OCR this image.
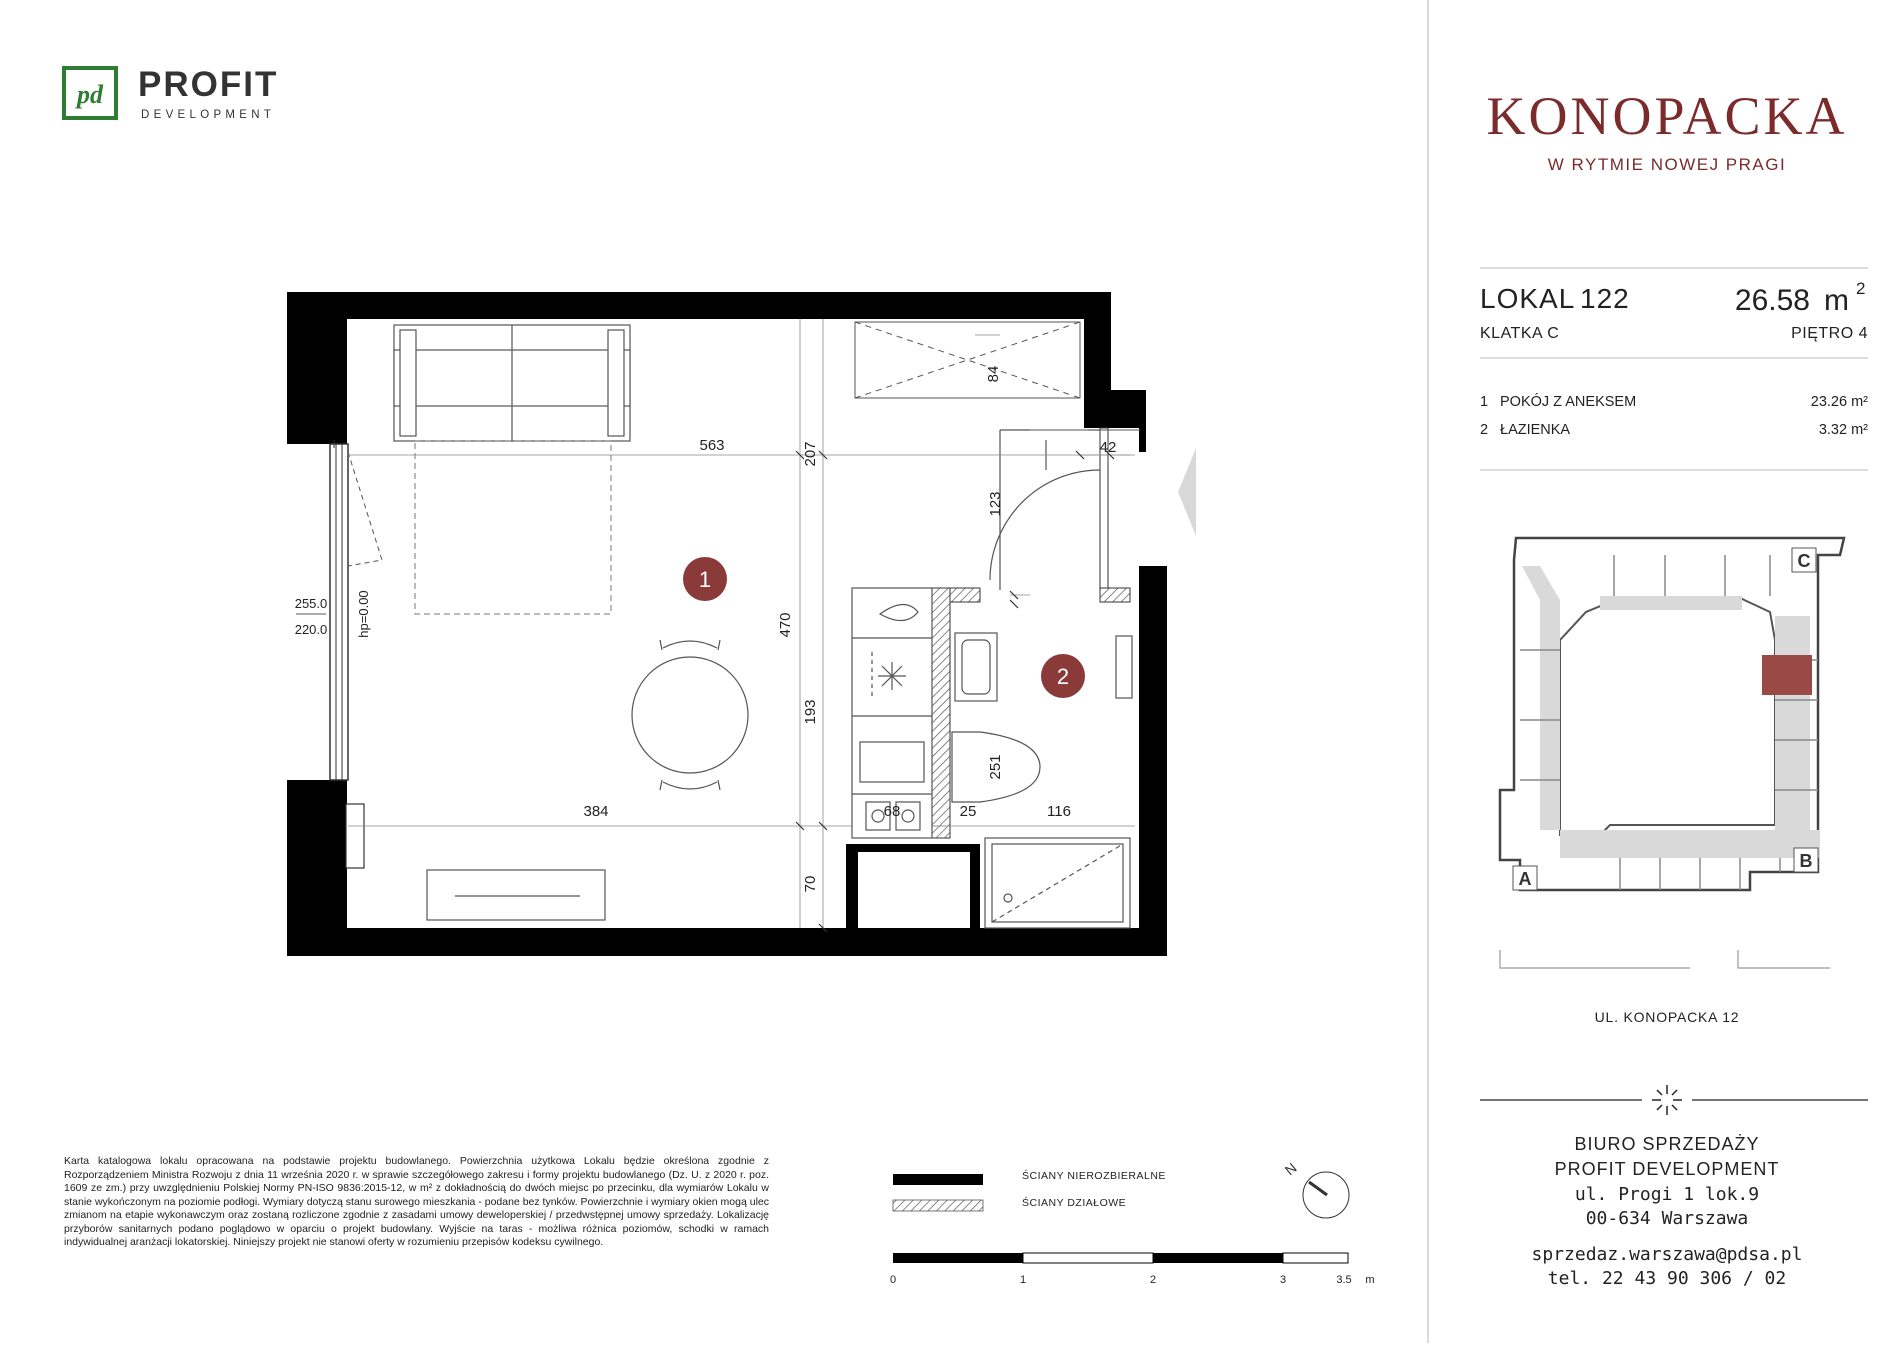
pd PROFIT
DEVELOPMENT	KONOPACKA
W RYTMIE NOWEJ PRAGI
LOKAL 122	26.58 m 2
KLATKA C	PIĘTRO 4
1 POKÓJ Z ANEKSEM	23.26 m²
2 ŁAZIENKA	3.32 m²
C
A
B
UL. KONOPACKA 12
BIURO SPRZEDAŻY
PROFIT DEVELOPMENT
ul. Progi 1 lok.9
00-634 Warszawa
sprzedaz.warszawa@pdsa.pl
tel. 22 43 90 306 / 02
1
2
563	207
84
42
123
470
193
251
68	25	116
384
70
255.0
220.0 hp=0.00
ŚCIANY NIEROZBIERALNE
ŚCIANY DZIAŁOWE
N
0	1	2	3	3.5 m

Karta katalogowa lokalu opracowana na podstawie projektu budowlanego. Powierzchnia użytkowa Lokalu będzie określona zgodnie z Rozporządzeniem Ministra Rozwoju z dnia 11 września 2020 r. w sprawie szczegółowego zakresu i formy projektu budowlanego (Dz. U. z 2020 r. poz. 1609 ze zm.) przy uwzględnieniu Polskiej Normy PN-ISO 9836:2015-12, w m² z dokładnością do dwóch miejsc po przecinku, dla wymiarów Lokalu w stanie wykończonym na poziomie podłogi. Wymiary dotyczą stanu surowego mieszkania - podane bez tynków. Powierzchnie i wymiary okien mogą ulec zmianom na etapie wykonawczym oraz zostaną rozliczone zgodnie z zasadami umowy deweloperskiej / przedwstępnej umowy sprzedaży. Lokalizację przyborów sanitarnych podano poglądowo w oparciu o projekt budowlany. Wyjście na taras - możliwa różnica poziomów, schodki w ramach indywidualnej aranżacji lokatorskiej. Niniejszy projekt nie stanowi oferty w rozumieniu przepisów kodeksu cywilnego.
